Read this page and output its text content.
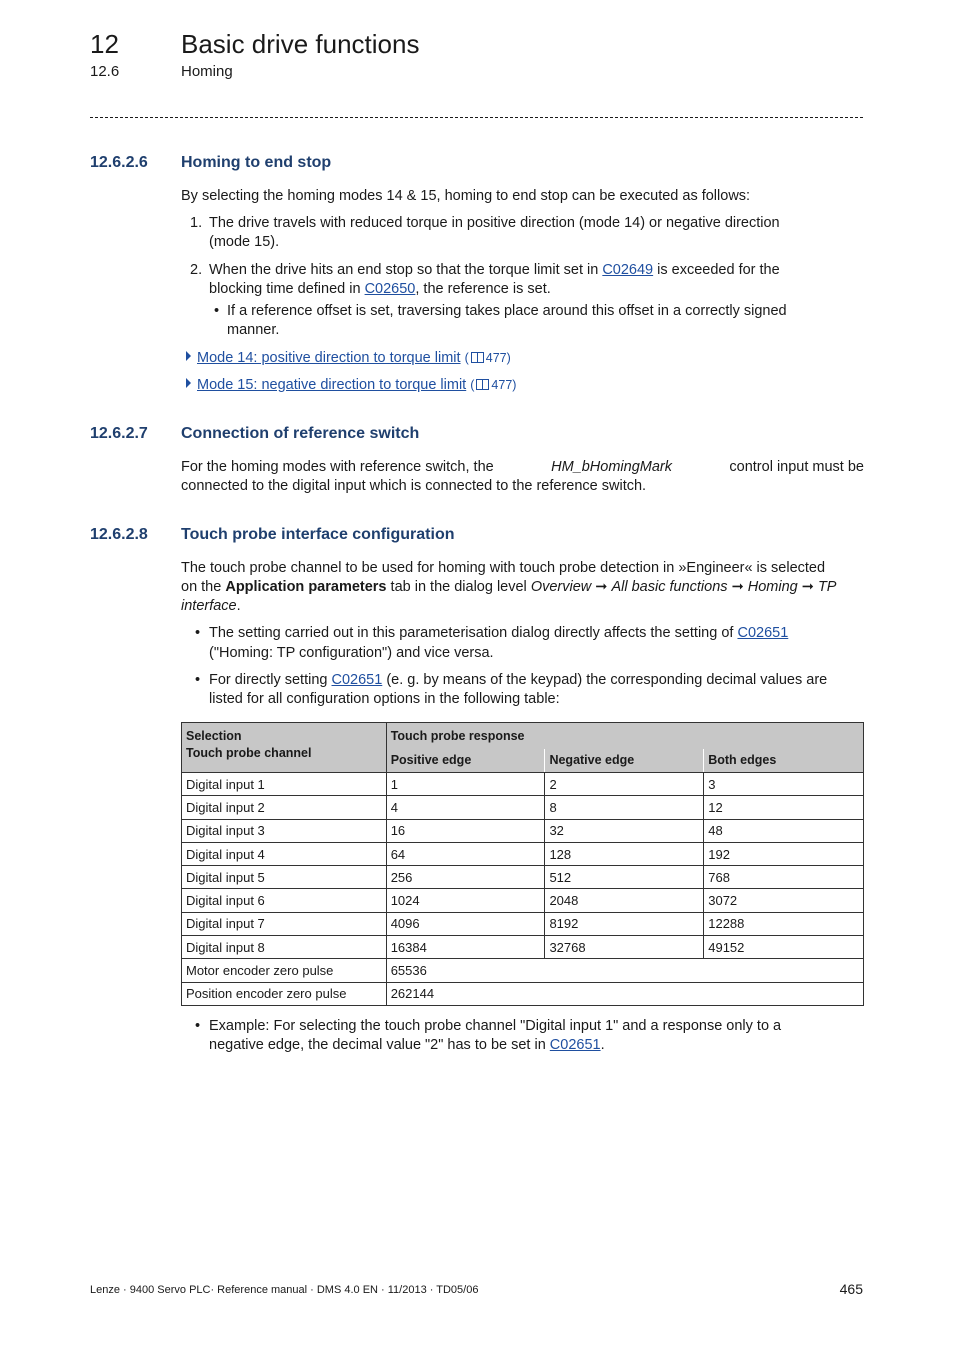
12 Basic drive functions
12.6	Homing
12.6.2.6 Homing to end stop
By selecting the homing modes 14 & 15, homing to end stop can be executed as follows:
1. The drive travels with reduced torque in positive direction (mode 14) or negative direction
(mode 15).
2. When the drive hits an end stop so that the torque limit set in C02649 is exceeded for the
blocking time defined in C02650, the reference is set.
• If a reference offset is set, traversing takes place around this offset in a correctly signed
manner.
Mode 14: positive direction to torque limit ( 477)
Mode 15: negative direction to torque limit ( 477)
12.6.2.7 Connection of reference switch
For the homing modes with reference switch, the	HM_bHomingMark	control input must be
connected to the digital input which is connected to the reference switch.
12.6.2.8 Touch probe interface configuration
The touch probe channel to be used for homing with touch probe detection in »Engineer« is selected
on the Application parameters tab in the dialog level Overview ➞ All basic functions ➞ Homing ➞ TP
interface.
• The setting carried out in this parameterisation dialog directly affects the setting of C02651
("Homing: TP configuration") and vice versa.
• For directly setting C02651 (e. g. by means of the keypad) the corresponding decimal values are
listed for all configuration options in the following table:
Selection
Touch probe channel	Touch probe response		
	Positive edge	Negative edge	Both edges
Digital input 1	1	2	3
Digital input 2	4	8	12
Digital input 3	16	32	48
Digital input 4	64	128	192
Digital input 5	256	512	768
Digital input 6	1024	2048	3072
Digital input 7	4096	8192	12288
Digital input 8	16384	32768	49152
Motor encoder zero pulse	65536		
Position encoder zero pulse	262144		
• Example: For selecting the touch probe channel "Digital input 1" and a response only to a
negative edge, the decimal value "2" has to be set in C02651.
Lenze · 9400 Servo PLC· Reference manual · DMS 4.0 EN · 11/2013 · TD05/06	465
